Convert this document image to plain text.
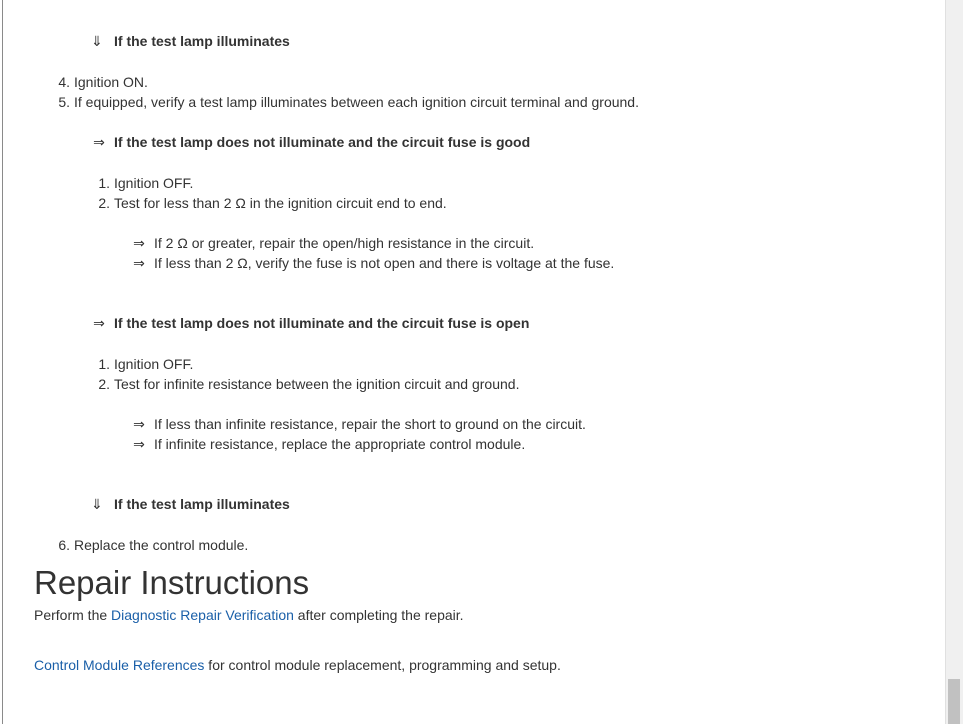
⇓ If the test lamp illuminates
4. Ignition ON.
5. If equipped, verify a test lamp illuminates between each ignition circuit terminal and ground.
⇒ If the test lamp does not illuminate and the circuit fuse is good
1. Ignition OFF.
2. Test for less than 2 Ω in the ignition circuit end to end.
⇒ If 2 Ω or greater, repair the open/high resistance in the circuit.
⇒ If less than 2 Ω, verify the fuse is not open and there is voltage at the fuse.
⇒ If the test lamp does not illuminate and the circuit fuse is open
1. Ignition OFF.
2. Test for infinite resistance between the ignition circuit and ground.
⇒ If less than infinite resistance, repair the short to ground on the circuit.
⇒ If infinite resistance, replace the appropriate control module.
⇓ If the test lamp illuminates
6. Replace the control module.
Repair Instructions
Perform the Diagnostic Repair Verification after completing the repair.
Control Module References for control module replacement, programming and setup.
